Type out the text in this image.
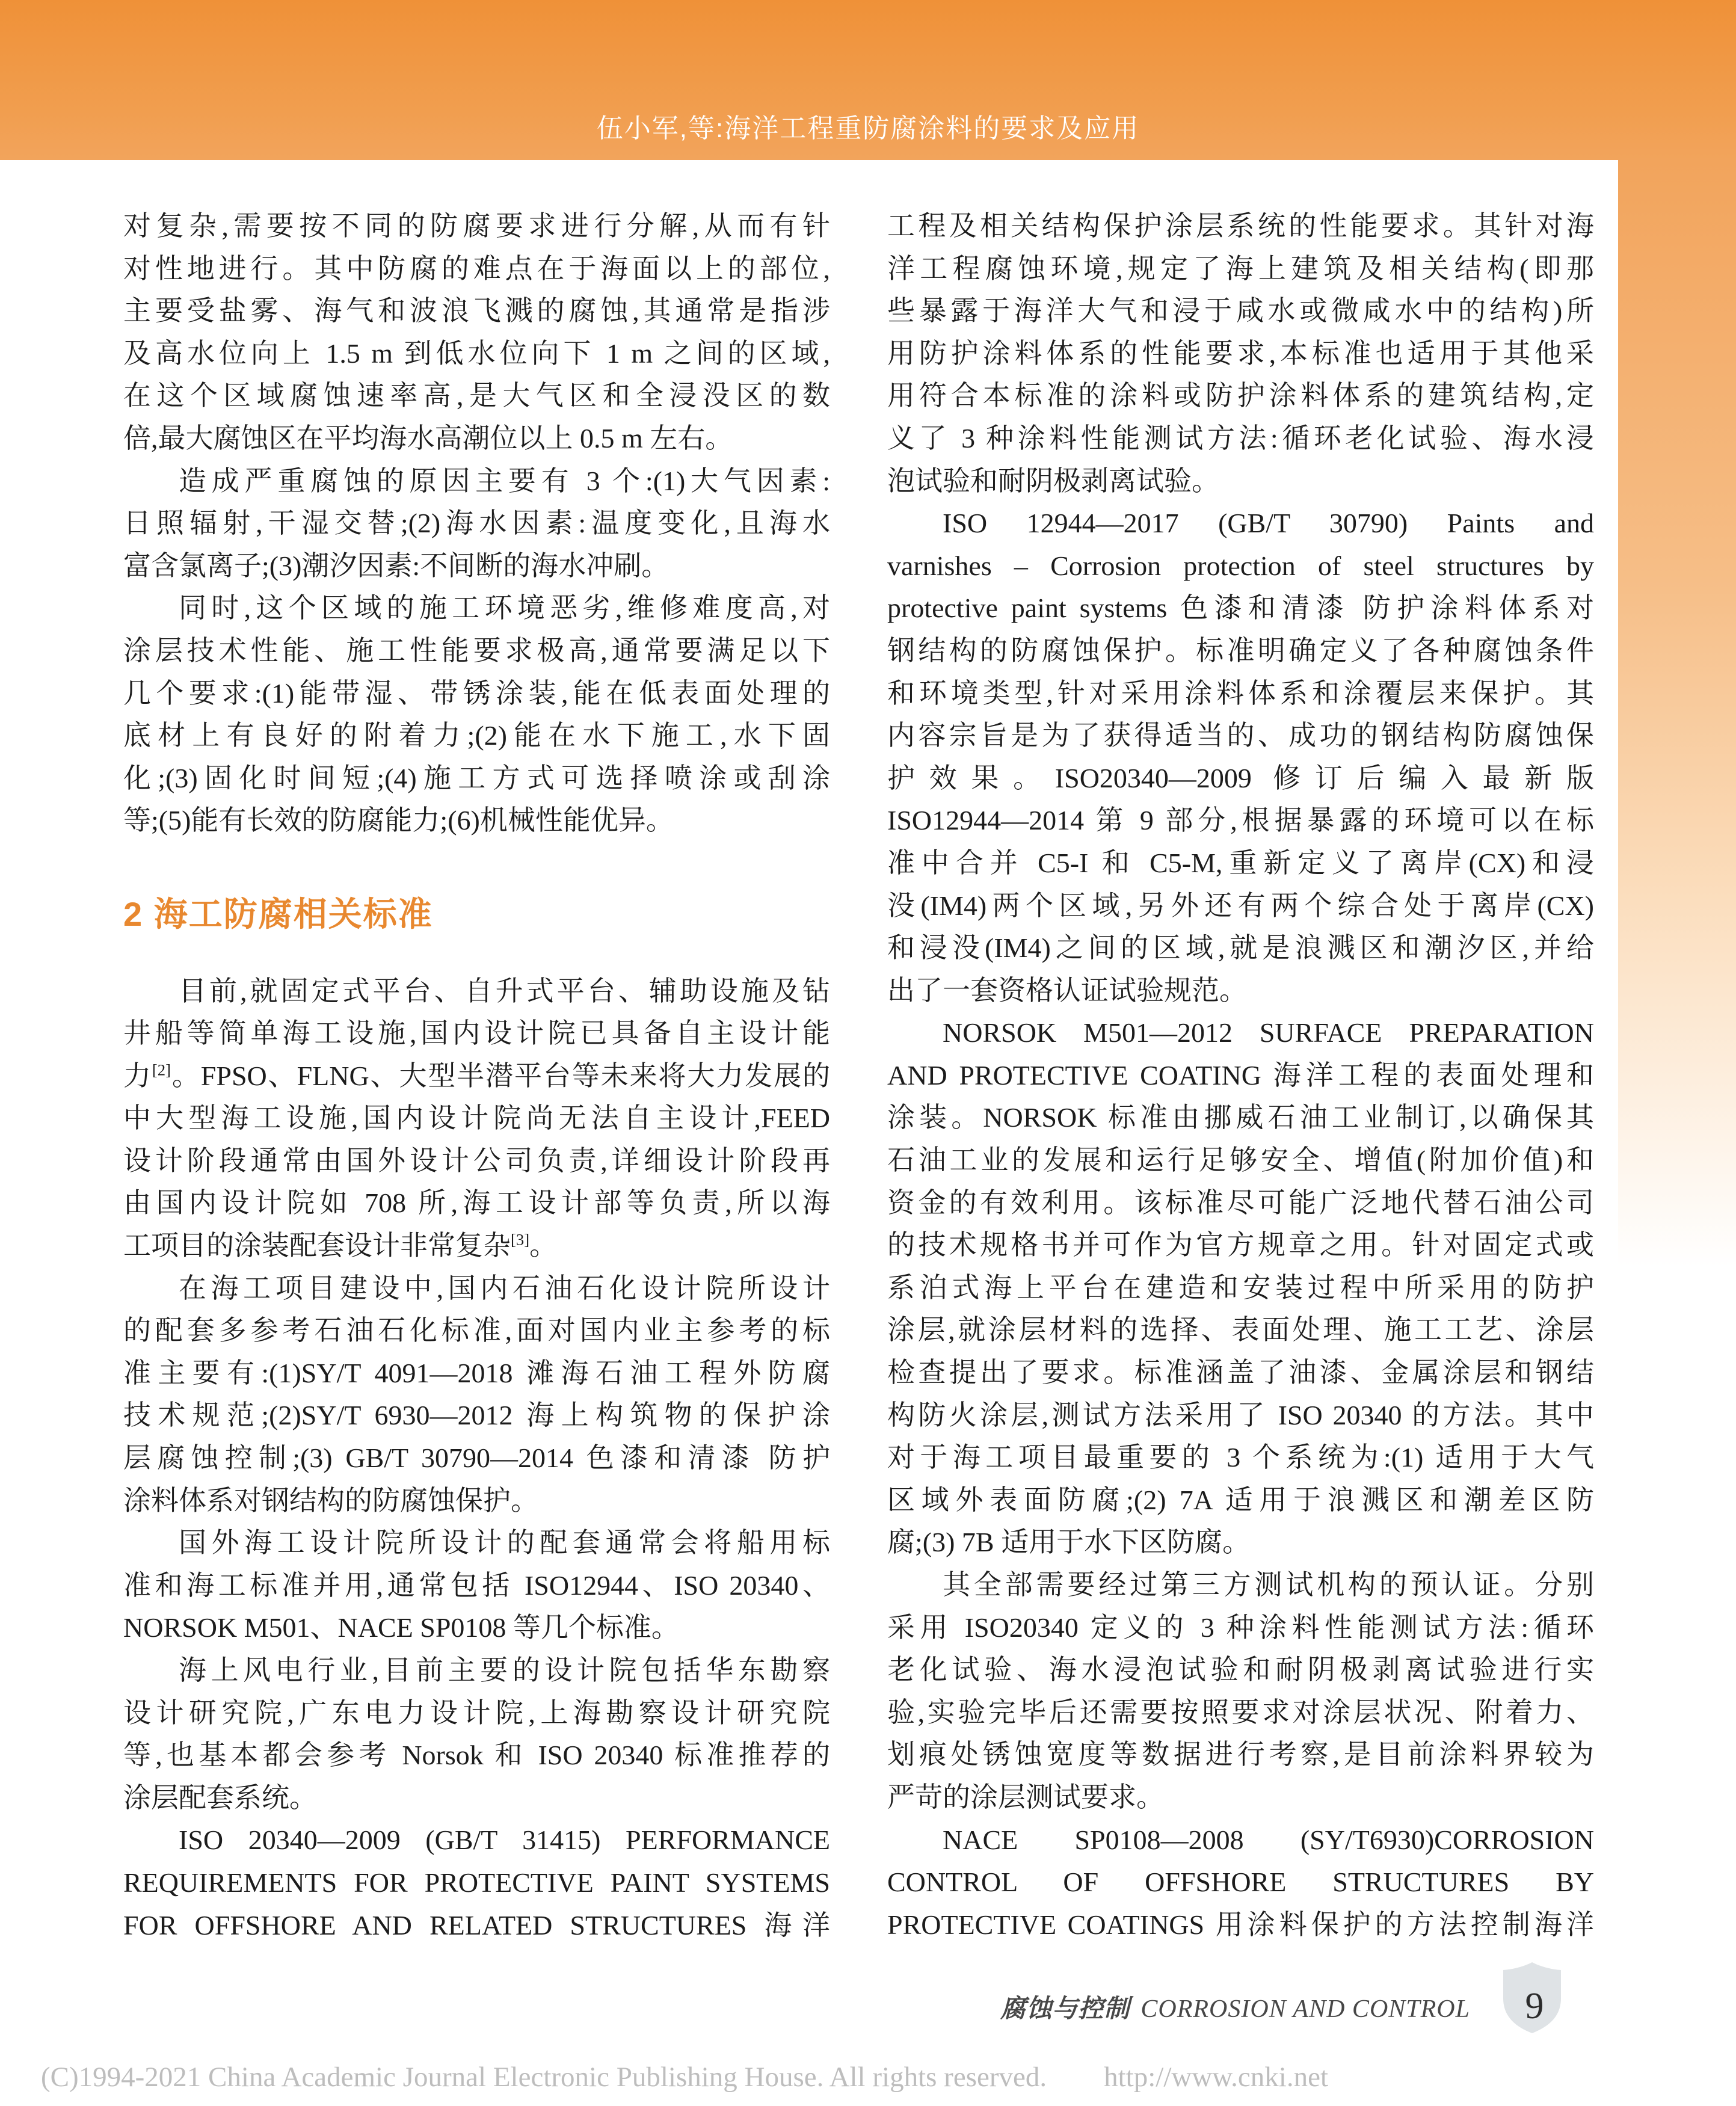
伍小军,等:海洋工程重防腐涂料的要求及应用
对复杂,需要按不同的防腐要求进行分解,从而有针
对性地进行。其中防腐的难点在于海面以上的部位,
主要受盐雾、海气和波浪飞溅的腐蚀,其通常是指涉
及高水位向上 1.5 m 到低水位向下 1 m 之间的区域,
在这个区域腐蚀速率高,是大气区和全浸没区的数
倍,最大腐蚀区在平均海水高潮位以上 0.5 m 左右。
造成严重腐蚀的原因主要有 3 个:(1)大气因素:
日照辐射,干湿交替;(2)海水因素:温度变化,且海水
富含氯离子;(3)潮汐因素:不间断的海水冲刷。
同时,这个区域的施工环境恶劣,维修难度高,对
涂层技术性能、施工性能要求极高,通常要满足以下
几个要求:(1)能带湿、带锈涂装,能在低表面处理的
底材上有良好的附着力;(2)能在水下施工,水下固
化;(3)固化时间短;(4)施工方式可选择喷涂或刮涂
等;(5)能有长效的防腐能力;(6)机械性能优异。
2 海工防腐相关标准
目前,就固定式平台、自升式平台、辅助设施及钻
井船等简单海工设施,国内设计院已具备自主设计能
力[2]。FPSO、FLNG、大型半潜平台等未来将大力发展的
中大型海工设施,国内设计院尚无法自主设计,FEED
设计阶段通常由国外设计公司负责,详细设计阶段再
由国内设计院如 708 所,海工设计部等负责,所以海
工项目的涂装配套设计非常复杂[3]。
在海工项目建设中,国内石油石化设计院所设计
的配套多参考石油石化标准,面对国内业主参考的标
准主要有:(1)SY/T 4091—2018 滩海石油工程外防腐
技术规范;(2)SY/T 6930—2012 海上构筑物的保护涂
层腐蚀控制;(3) GB/T 30790—2014 色漆和清漆 防护
涂料体系对钢结构的防腐蚀保护。
国外海工设计院所设计的配套通常会将船用标
准和海工标准并用,通常包括 ISO12944、ISO 20340、
NORSOK M501、NACE SP0108 等几个标准。
海上风电行业,目前主要的设计院包括华东勘察
设计研究院,广东电力设计院,上海勘察设计研究院
等,也基本都会参考 Norsok 和 ISO 20340 标准推荐的
涂层配套系统。
ISO 20340—2009 (GB/T 31415) PERFORMANCE
REQUIREMENTS FOR PROTECTIVE PAINT SYSTEMS
FOR OFFSHORE AND RELATED STRUCTURES 海洋
工程及相关结构保护涂层系统的性能要求。其针对海
洋工程腐蚀环境,规定了海上建筑及相关结构(即那
些暴露于海洋大气和浸于咸水或微咸水中的结构)所
用防护涂料体系的性能要求,本标准也适用于其他采
用符合本标准的涂料或防护涂料体系的建筑结构,定
义了 3 种涂料性能测试方法:循环老化试验、海水浸
泡试验和耐阴极剥离试验。
ISO 12944—2017 (GB/T 30790) Paints and
varnishes – Corrosion protection of steel structures by
protective paint systems 色漆和清漆 防护涂料体系对
钢结构的防腐蚀保护。标准明确定义了各种腐蚀条件
和环境类型,针对采用涂料体系和涂覆层来保护。其
内容宗旨是为了获得适当的、成功的钢结构防腐蚀保
护效果。ISO20340—2009 修订后编入最新版
ISO12944—2014 第 9 部分,根据暴露的环境可以在标
准中合并 C5-I 和 C5-M,重新定义了离岸(CX)和浸
没(IM4)两个区域,另外还有两个综合处于离岸(CX)
和浸没(IM4)之间的区域,就是浪溅区和潮汐区,并给
出了一套资格认证试验规范。
NORSOK M501—2012 SURFACE PREPARATION
AND PROTECTIVE COATING 海洋工程的表面处理和
涂装。NORSOK 标准由挪威石油工业制订,以确保其
石油工业的发展和运行足够安全、增值(附加价值)和
资金的有效利用。该标准尽可能广泛地代替石油公司
的技术规格书并可作为官方规章之用。针对固定式或
系泊式海上平台在建造和安装过程中所采用的防护
涂层,就涂层材料的选择、表面处理、施工工艺、涂层
检查提出了要求。标准涵盖了油漆、金属涂层和钢结
构防火涂层,测试方法采用了 ISO 20340 的方法。其中
对于海工项目最重要的 3 个系统为:(1) 适用于大气
区域外表面防腐;(2) 7A 适用于浪溅区和潮差区防
腐;(3) 7B 适用于水下区防腐。
其全部需要经过第三方测试机构的预认证。分别
采用 ISO20340 定义的 3 种涂料性能测试方法:循环
老化试验、海水浸泡试验和耐阴极剥离试验进行实
验,实验完毕后还需要按照要求对涂层状况、附着力、
划痕处锈蚀宽度等数据进行考察,是目前涂料界较为
严苛的涂层测试要求。
NACE SP0108—2008 (SY/T6930)CORROSION
CONTROL OF OFFSHORE STRUCTURES BY
PROTECTIVE COATINGS 用涂料保护的方法控制海洋
腐蚀与控制 CORROSION AND CONTROL 9
(C)1994-2021 China Academic Journal Electronic Publishing House. All rights reserved. http://www.cnki.net
